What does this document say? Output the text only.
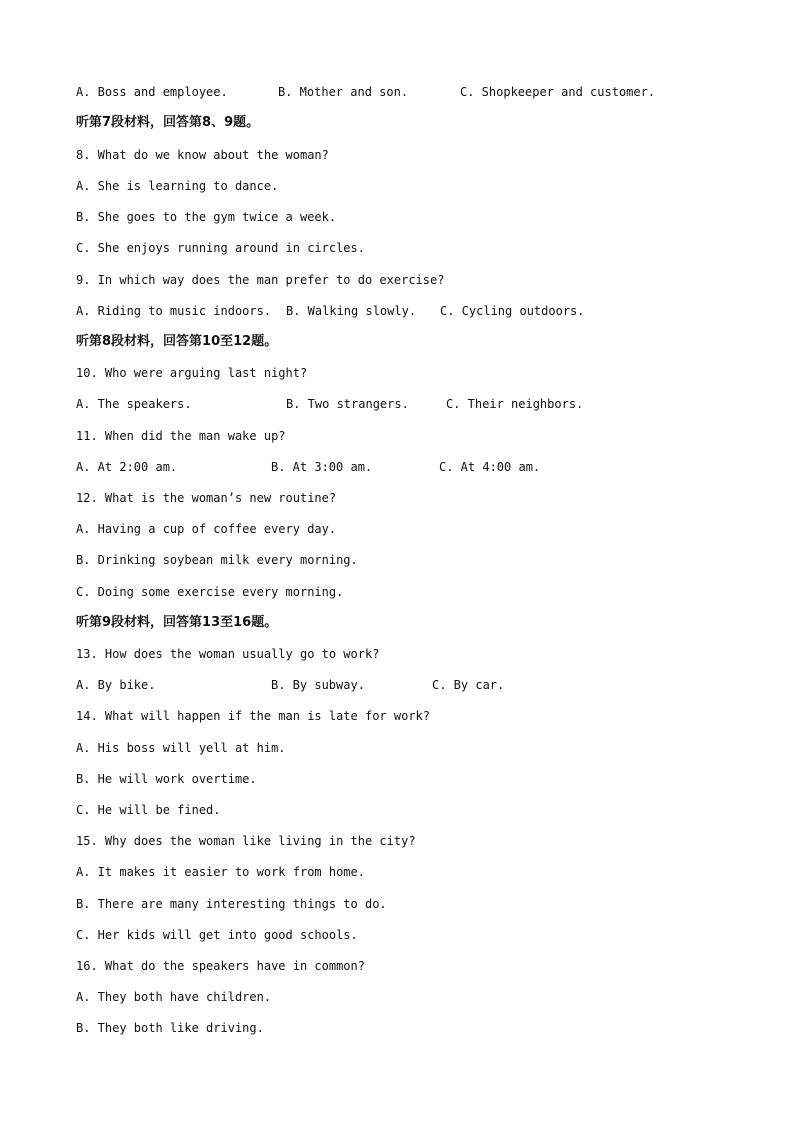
A. Boss and employee.	B. Mother and son.	C. Shopkeeper and customer.
听第7段材料，回答第8、9题。
8. What do we know about the woman?
A. She is learning to dance.
B. She goes to the gym twice a week.
C. She enjoys running around in circles.
9. In which way does the man prefer to do exercise?
A. Riding to music indoors. B. Walking slowly. C. Cycling outdoors.
听第8段材料，回答第10至12题。
10. Who were arguing last night?
A. The speakers.	B. Two strangers.	C. Their neighbors.
11. When did the man wake up?
A. At 2:00 am.	B. At 3:00 am.	C. At 4:00 am.
12. What is the woman’s new routine?
A. Having a cup of coffee every day.
B. Drinking soybean milk every morning.
C. Doing some exercise every morning.
听第9段材料，回答第13至16题。
13. How does the woman usually go to work?
A. By bike.	B. By subway.	C. By car.
14. What will happen if the man is late for work?
A. His boss will yell at him.
B. He will work overtime.
C. He will be fined.
15. Why does the woman like living in the city?
A. It makes it easier to work from home.
B. There are many interesting things to do.
C. Her kids will get into good schools.
16. What do the speakers have in common?
A. They both have children.
B. They both like driving.
